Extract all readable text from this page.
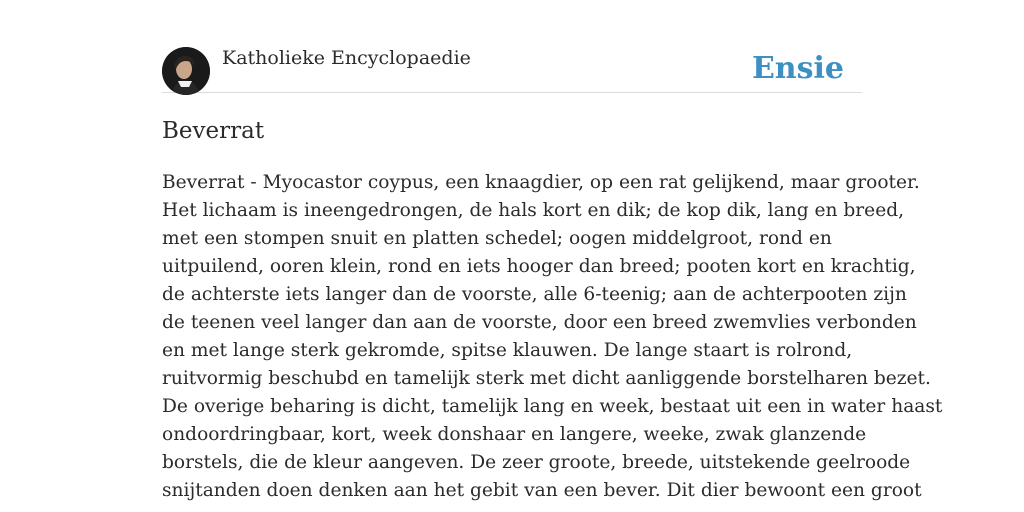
Katholieke Encyclopaedie	Ensie
Beverrat
Beverrat - Myocastor coypus, een knaagdier, op een rat gelijkend, maar grooter.
Het lichaam is ineengedrongen, de hals kort en dik; de kop dik, lang en breed,
met een stompen snuit en platten schedel; oogen middelgroot, rond en
uitpuilend, ooren klein, rond en iets hooger dan breed; pooten kort en krachtig,
de achterste iets langer dan de voorste, alle 6-teenig; aan de achterpooten zijn
de teenen veel langer dan aan de voorste, door een breed zwemvlies verbonden
en met lange sterk gekromde, spitse klauwen. De lange staart is rolrond,
ruitvormig beschubd en tamelijk sterk met dicht aanliggende borstelharen bezet.
De overige beharing is dicht, tamelijk lang en week, bestaat uit een in water haast
ondoordringbaar, kort, week donshaar en langere, weeke, zwak glanzende
borstels, die de kleur aangeven. De zeer groote, breede, uitstekende geelroode
snijtanden doen denken aan het gebit van een bever. Dit dier bewoont een groot
